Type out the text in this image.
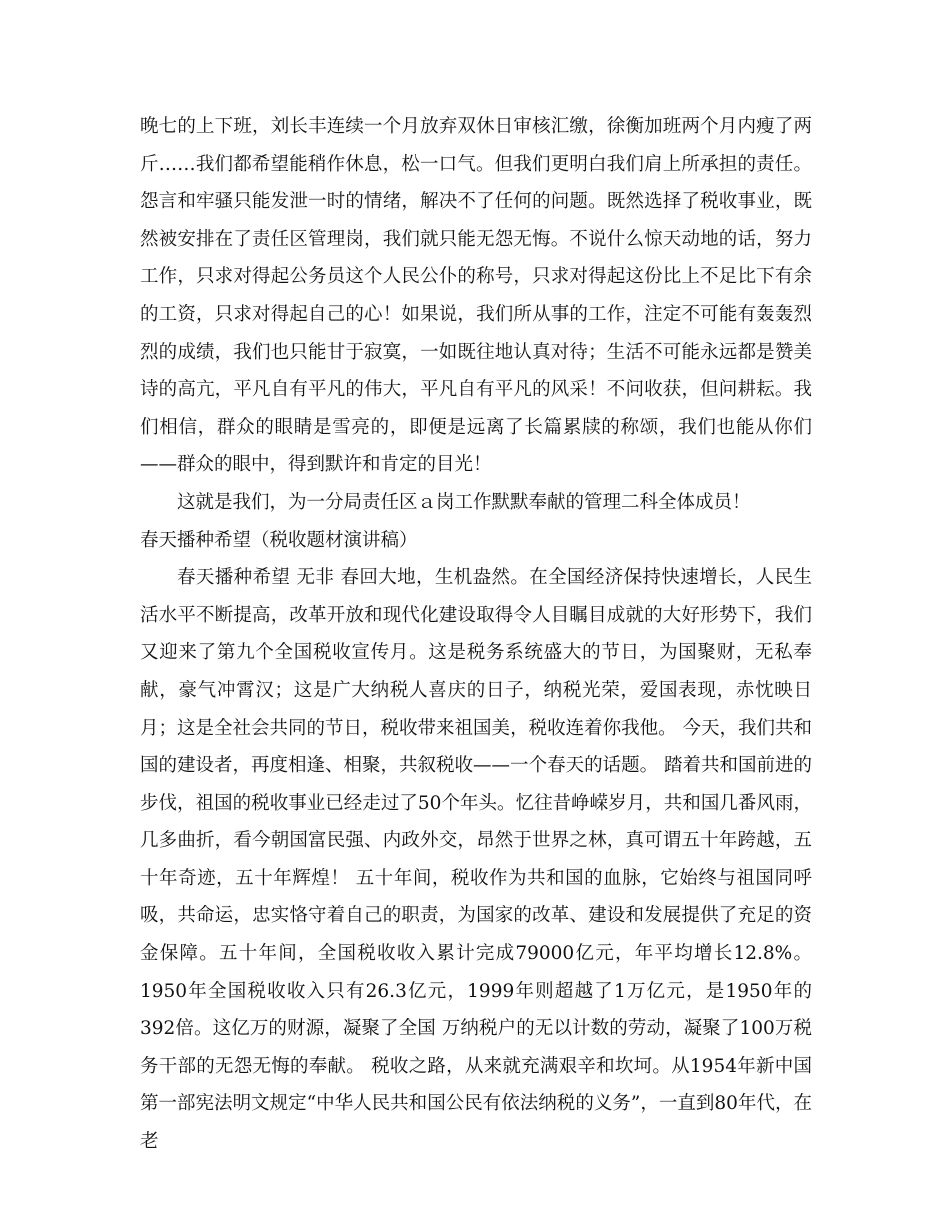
晚七的上下班，刘长丰连续一个月放弃双休日审核汇缴，徐衡加班两个月内瘦了两斤……我们都希望能稍作休息，松一口气。但我们更明白我们肩上所承担的责任。怨言和牢骚只能发泄一时的情绪，解决不了任何的问题。既然选择了税收事业，既然被安排在了责任区管理岗，我们就只能无怨无悔。不说什么惊天动地的话，努力工作，只求对得起公务员这个人民公仆的称号，只求对得起这份比上不足比下有余的工资，只求对得起自己的心！如果说，我们所从事的工作，注定不可能有轰轰烈烈的成绩，我们也只能甘于寂寞，一如既往地认真对待；生活不可能永远都是赞美诗的高亢，平凡自有平凡的伟大，平凡自有平凡的风采！不问收获，但问耕耘。我们相信，群众的眼睛是雪亮的，即便是远离了长篇累牍的称颂，我们也能从你们——群众的眼中，得到默许和肯定的目光！

这就是我们，为一分局责任区ａ岗工作默默奉献的管理二科全体成员！

春天播种希望（税收题材演讲稿）

春天播种希望 无非 春回大地，生机盎然。在全国经济保持快速增长，人民生活水平不断提高，改革开放和现代化建设取得令人目瞩目成就的大好形势下，我们又迎来了第九个全国税收宣传月。这是税务系统盛大的节日，为国聚财，无私奉献，豪气冲霄汉；这是广大纳税人喜庆的日子，纳税光荣，爱国表现，赤忱映日月；这是全社会共同的节日，税收带来祖国美，税收连着你我他。 今天，我们共和国的建设者，再度相逢、相聚，共叙税收——一个春天的话题。 踏着共和国前进的步伐，祖国的税收事业已经走过了50个年头。忆往昔峥嵘岁月，共和国几番风雨，几多曲折，看今朝国富民强、内政外交，昂然于世界之林，真可谓五十年跨越，五十年奇迹，五十年辉煌！ 五十年间，税收作为共和国的血脉，它始终与祖国同呼吸，共命运，忠实恪守着自己的职责，为国家的改革、建设和发展提供了充足的资金保障。五十年间，全国税收收入累计完成79000亿元，年平均增长12.8%。1950年全国税收收入只有26.3亿元，1999年则超越了1万亿元，是1950年的392倍。这亿万的财源，凝聚了全国 万纳税户的无以计数的劳动，凝聚了100万税务干部的无怨无悔的奉献。 税收之路，从来就充满艰辛和坎坷。从1954年新中国第一部宪法明文规定“中华人民共和国公民有依法纳税的义务”，一直到80年代，在老
